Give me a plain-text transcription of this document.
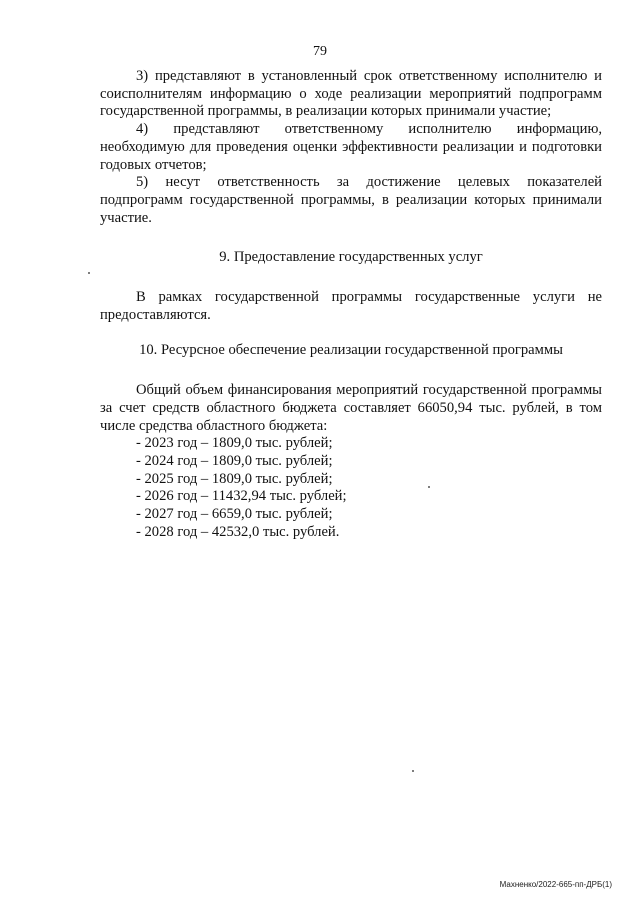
79

3) представляют в установленный срок ответственному исполнителю и соисполнителям информацию о ходе реализации мероприятий подпрограмм государственной программы, в реализации которых принимали участие;

4) представляют ответственному исполнителю информацию, необходимую для проведения оценки эффективности реализации и подготовки годовых отчетов;

5) несут ответственность за достижение целевых показателей подпрограмм государственной программы, в реализации которых принимали участие.

9. Предоставление государственных услуг

В рамках государственной программы государственные услуги не предоставляются.

10. Ресурсное обеспечение реализации государственной программы

Общий объем финансирования мероприятий государственной программы за счет средств областного бюджета составляет 66050,94 тыс. рублей, в том числе средства областного бюджета:

- 2023 год – 1809,0 тыс. рублей;
- 2024 год – 1809,0 тыс. рублей;
- 2025 год – 1809,0 тыс. рублей;
- 2026 год – 11432,94 тыс. рублей;
- 2027 год – 6659,0 тыс. рублей;
- 2028 год – 42532,0 тыс. рублей.
Махненко/2022-665-пп-ДРБ(1)
